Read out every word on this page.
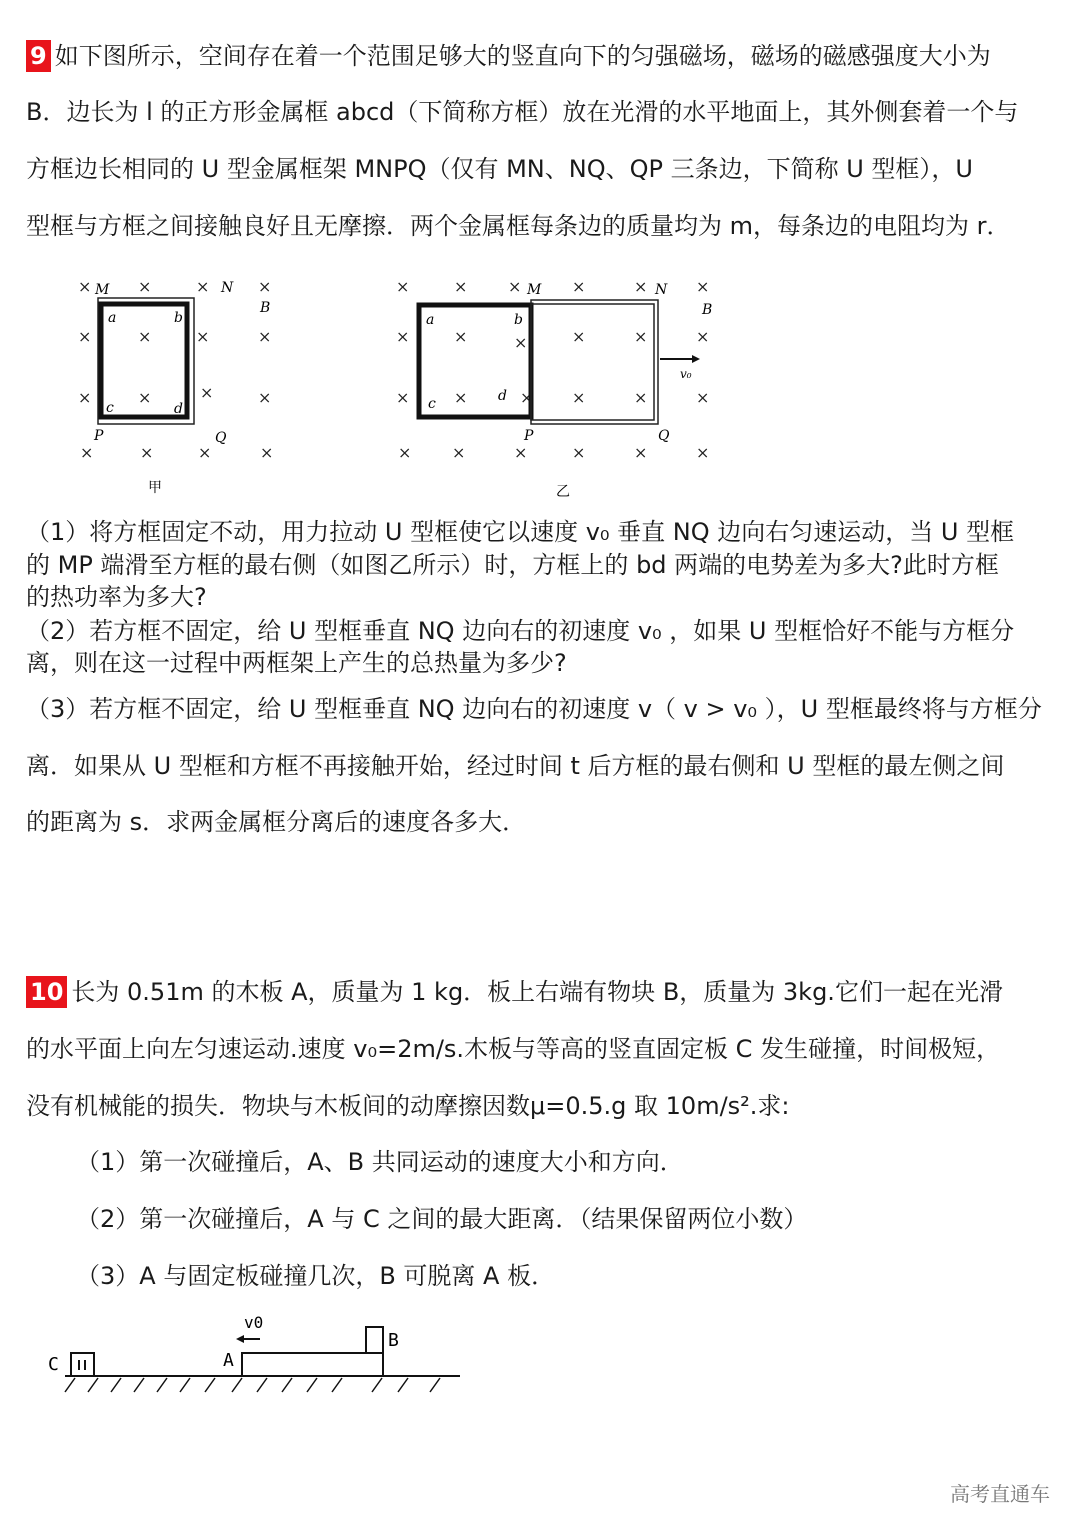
9 如下图所示，空间存在着一个范围足够大的竖直向下的匀强磁场，磁场的磁感强度大小为
B．边长为 l 的正方形金属框 abcd（下简称方框）放在光滑的水平地面上，其外侧套着一个与
方框边长相同的 U 型金属框架 MNPQ（仅有 MN、NQ、QP 三条边，下简称 U 型框），U
型框与方框之间接触良好且无摩擦．两个金属框每条边的质量均为 m，每条边的电阻均为 r．
×	×	×	×
×	×	×	×
×	×	×	×
×	×	×	×
M	N
a	b
c	d
B
P	Q
甲
×	×	×	×	×	×
×	×	×	×	×	×
×	×	× ×	×	×
×	×	×	×	×	×
v₀
M	N
a	b
c	d
B
P	Q
乙
（1）将方框固定不动，用力拉动 U 型框使它以速度 v₀ 垂直 NQ 边向右匀速运动，当 U 型框
的 MP 端滑至方框的最右侧（如图乙所示）时，方框上的 bd 两端的电势差为多大?此时方框
的热功率为多大?
（2）若方框不固定，给 U 型框垂直 NQ 边向右的初速度 v₀ ，如果 U 型框恰好不能与方框分
离，则在这一过程中两框架上产生的总热量为多少?
（3）若方框不固定，给 U 型框垂直 NQ 边向右的初速度 v（ v > v₀ ），U 型框最终将与方框分
离．如果从 U 型框和方框不再接触开始，经过时间 t 后方框的最右侧和 U 型框的最左侧之间
的距离为 s．求两金属框分离后的速度各多大．
10 长为 0.51m 的木板 A，质量为 1 kg．板上右端有物块 B，质量为 3kg.它们一起在光滑
的水平面上向左匀速运动.速度 v₀=2m/s.木板与等高的竖直固定板 C 发生碰撞，时间极短，
没有机械能的损失．物块与木板间的动摩擦因数μ=0.5.g 取 10m/s².求:
（1）第一次碰撞后，A、B 共同运动的速度大小和方向．
（2）第一次碰撞后，A 与 C 之间的最大距离．（结果保留两位小数）
（3）A 与固定板碰撞几次，B 可脱离 A 板．
C	A
B
v0
高考直通车
